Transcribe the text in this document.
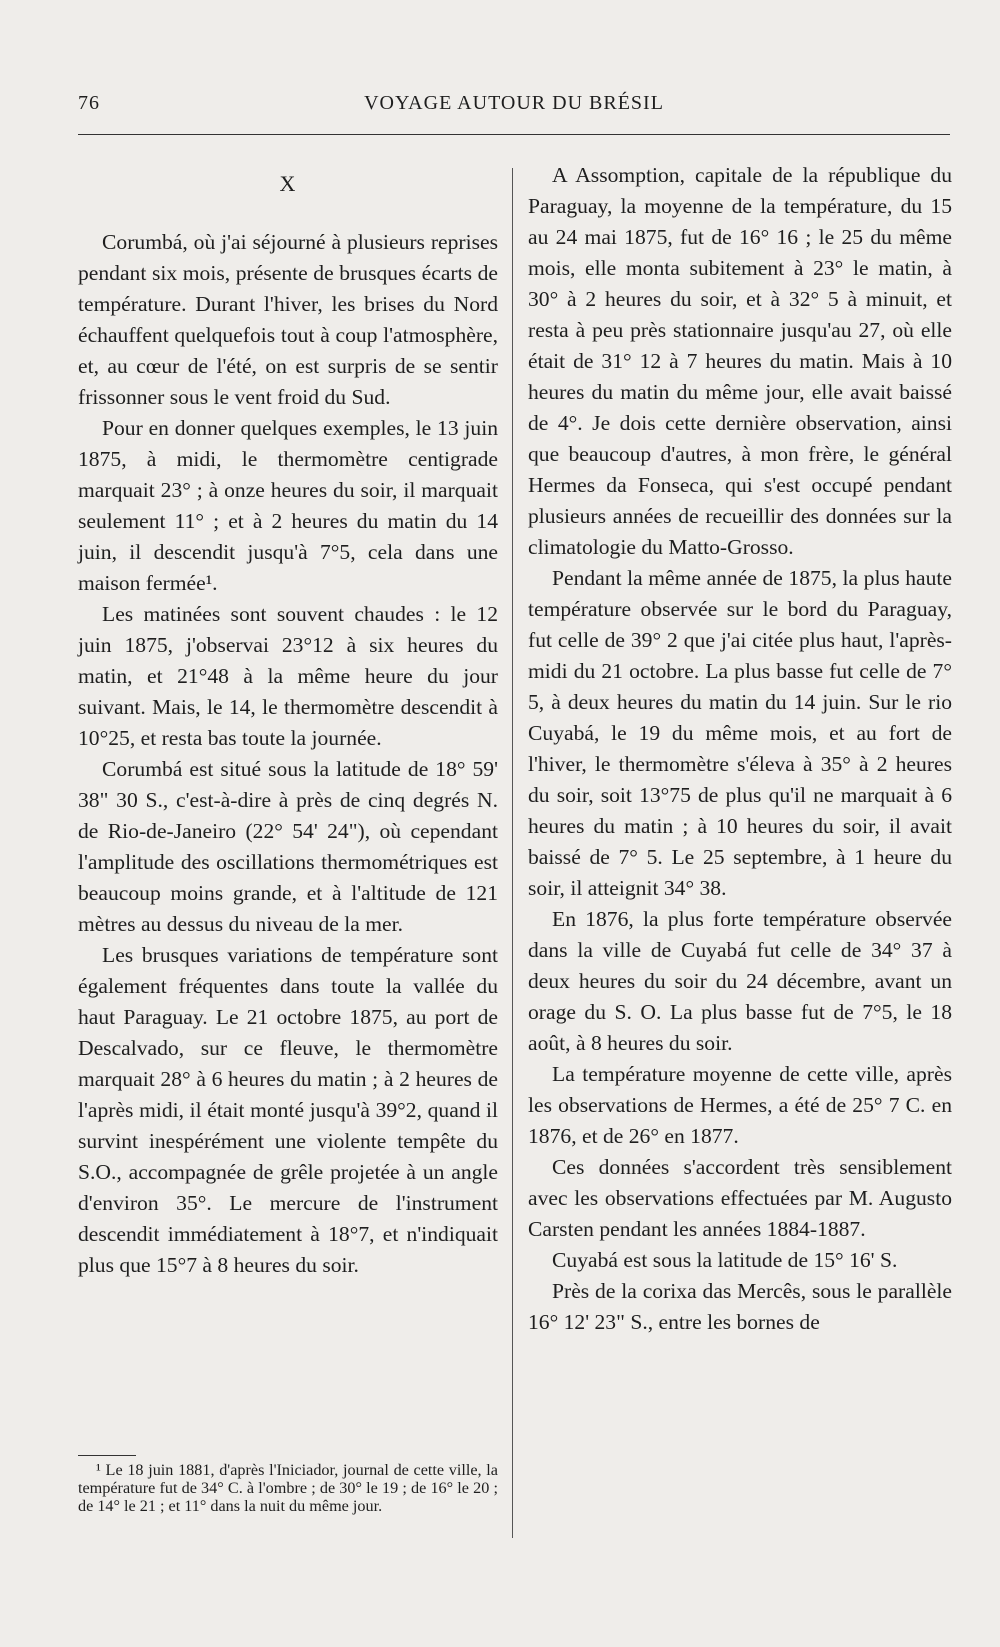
76	VOYAGE AUTOUR DU BRÉSIL
X

Corumbá, où j'ai séjourné à plusieurs reprises pendant six mois, présente de brusques écarts de température. Durant l'hiver, les brises du Nord échauffent quelquefois tout à coup l'atmosphère, et, au cœur de l'été, on est surpris de se sentir frissonner sous le vent froid du Sud.

Pour en donner quelques exemples, le 13 juin 1875, à midi, le thermomètre centigrade marquait 23° ; à onze heures du soir, il marquait seulement 11° ; et à 2 heures du matin du 14 juin, il descendit jusqu'à 7°5, cela dans une maison fermée¹.

Les matinées sont souvent chaudes : le 12 juin 1875, j'observai 23°12 à six heures du matin, et 21°48 à la même heure du jour suivant. Mais, le 14, le thermomètre descendit à 10°25, et resta bas toute la journée.

Corumbá est situé sous la latitude de 18° 59' 38" 30 S., c'est-à-dire à près de cinq degrés N. de Rio-de-Janeiro (22° 54' 24"), où cependant l'amplitude des oscillations thermométriques est beaucoup moins grande, et à l'altitude de 121 mètres au dessus du niveau de la mer.

Les brusques variations de température sont également fréquentes dans toute la vallée du haut Paraguay. Le 21 octobre 1875, au port de Descalvado, sur ce fleuve, le thermomètre marquait 28° à 6 heures du matin ; à 2 heures de l'après midi, il était monté jusqu'à 39°2, quand il survint inespérément une violente tempête du S.O., accompagnée de grêle projetée à un angle d'environ 35°. Le mercure de l'instrument descendit immédiatement à 18°7, et n'indiquait plus que 15°7 à 8 heures du soir.

A Assomption, capitale de la république du Paraguay, la moyenne de la température, du 15 au 24 mai 1875, fut de 16° 16 ; le 25 du même mois, elle monta subitement à 23° le matin, à 30° à 2 heures du soir, et à 32° 5 à minuit, et resta à peu près stationnaire jusqu'au 27, où elle était de 31° 12 à 7 heures du matin. Mais à 10 heures du matin du même jour, elle avait baissé de 4°. Je dois cette dernière observation, ainsi que beaucoup d'autres, à mon frère, le général Hermes da Fonseca, qui s'est occupé pendant plusieurs années de recueillir des données sur la climatologie du Matto-Grosso.

Pendant la même année de 1875, la plus haute température observée sur le bord du Paraguay, fut celle de 39° 2 que j'ai citée plus haut, l'après-midi du 21 octobre. La plus basse fut celle de 7° 5, à deux heures du matin du 14 juin. Sur le rio Cuyabá, le 19 du même mois, et au fort de l'hiver, le thermomètre s'éleva à 35° à 2 heures du soir, soit 13°75 de plus qu'il ne marquait à 6 heures du matin ; à 10 heures du soir, il avait baissé de 7° 5. Le 25 septembre, à 1 heure du soir, il atteignit 34° 38.

En 1876, la plus forte température observée dans la ville de Cuyabá fut celle de 34° 37 à deux heures du soir du 24 décembre, avant un orage du S. O. La plus basse fut de 7°5, le 18 août, à 8 heures du soir.

La température moyenne de cette ville, après les observations de Hermes, a été de 25° 7 C. en 1876, et de 26° en 1877.

Ces données s'accordent très sensiblement avec les observations effectuées par M. Augusto Carsten pendant les années 1884-1887.

Cuyabá est sous la latitude de 15° 16' S.

Près de la corixa das Mercês, sous le parallèle 16° 12' 23" S., entre les bornes de

¹ Le 18 juin 1881, d'après l'Iniciador, journal de cette ville, la température fut de 34° C. à l'ombre ; de 30° le 19 ; de 16° le 20 ; de 14° le 21 ; et 11° dans la nuit du même jour.
